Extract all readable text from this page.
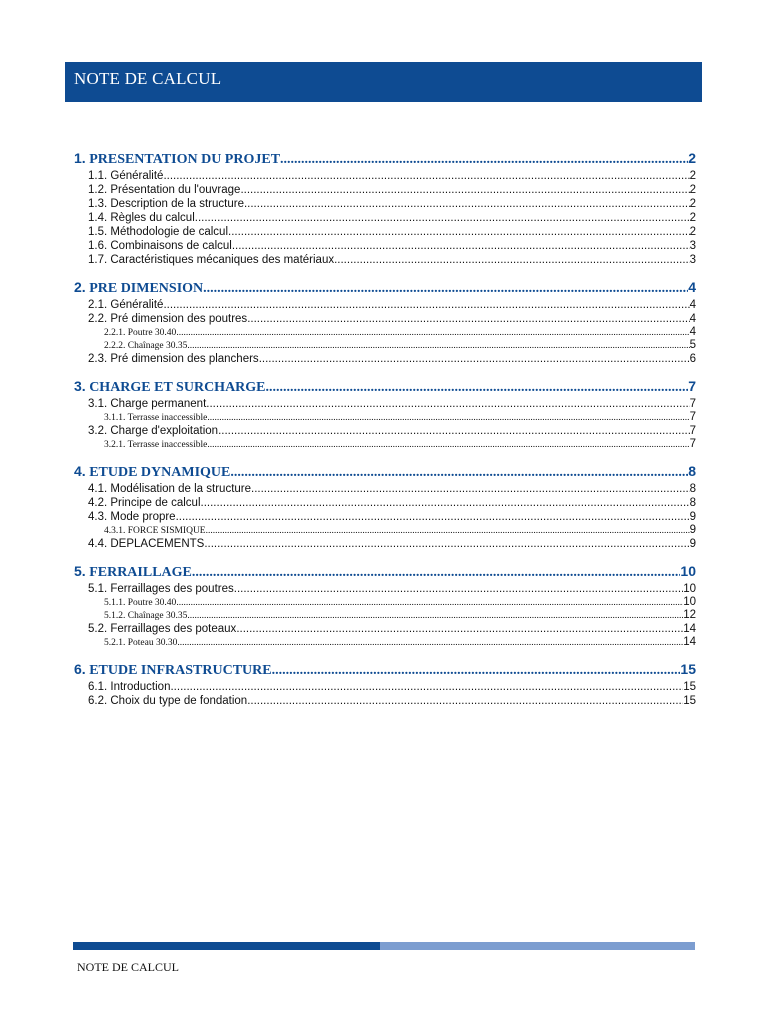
NOTE DE CALCUL
1. PRESENTATION DU PROJET .....	2
1.1. Généralité .....	2
1.2. Présentation du l'ouvrage .....	2
1.3. Description de la structure .....	2
1.4. Règles du calcul .....	2
1.5. Méthodologie de calcul .....	2
1.6. Combinaisons de calcul .....	3
1.7. Caractéristiques mécaniques des matériaux .....	3
2. PRE DIMENSION .....	4
2.1. Généralité .....	4
2.2. Pré dimension des poutres .....	4
2.2.1. Poutre 30.40 .....	4
2.2.2. Chaînage 30.35 .....	5
2.3. Pré dimension des planchers .....	6
3. CHARGE ET SURCHARGE .....	7
3.1. Charge permanent .....	7
3.1.1. Terrasse inaccessible .....	7
3.2. Charge d'exploitation .....	7
3.2.1. Terrasse inaccessible .....	7
4. ETUDE DYNAMIQUE .....	8
4.1. Modélisation de la structure .....	8
4.2. Principe de calcul .....	8
4.3. Mode propre .....	9
4.3.1. FORCE SISMIQUE .....	9
4.4. DEPLACEMENTS .....	9
5. FERRAILLAGE .....	10
5.1. Ferraillages des poutres .....	10
5.1.1. Poutre 30.40 .....	10
5.1.2. Chaînage 30.35 .....	12
5.2. Ferraillages des poteaux .....	14
5.2.1. Poteau 30.30 .....	14
6. ETUDE INFRASTRUCTURE .....	15
6.1. Introduction .....	15
6.2. Choix du type de fondation .....	15
NOTE DE CALCUL
